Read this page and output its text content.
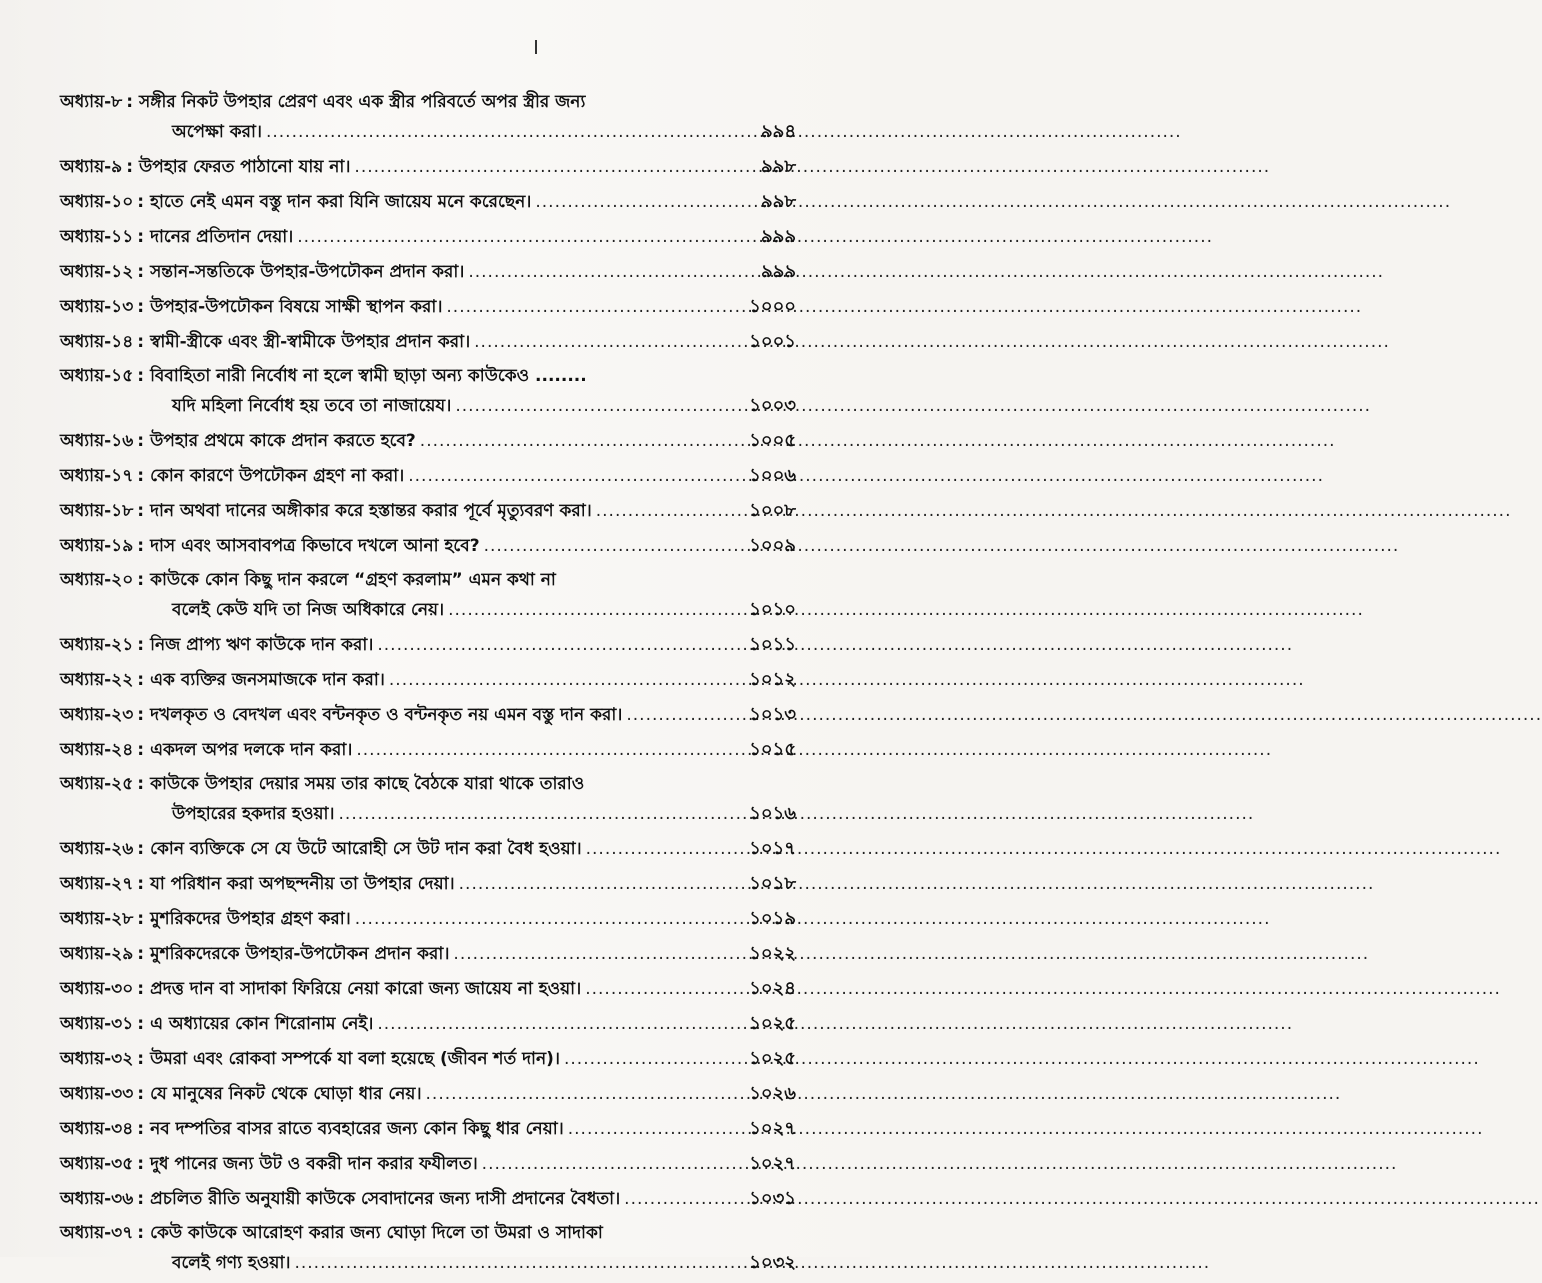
অধ্যায়-৮ : সঙ্গীর নিকট উপহার প্রেরণ এবং এক স্ত্রীর পরিবর্তে অপর স্ত্রীর জন্য
অপেক্ষা করা। .....	৯৯৪
অধ্যায়-৯ : উপহার ফেরত পাঠানো যায় না। .....	৯৯৮
অধ্যায়-১০ : হাতে নেই এমন বস্তু দান করা যিনি জায়েয মনে করেছেন। .....	৯৯৮
অধ্যায়-১১ : দানের প্রতিদান দেয়া। .....	৯৯৯
অধ্যায়-১২ : সন্তান-সন্ততিকে উপহার-উপঢৌকন প্রদান করা। .....	৯৯৯
অধ্যায়-১৩ : উপহার-উপঢৌকন বিষয়ে সাক্ষী স্থাপন করা। .....	১০০০
অধ্যায়-১৪ : স্বামী-স্ত্রীকে এবং স্ত্রী-স্বামীকে উপহার প্রদান করা। .....	১০০১
অধ্যায়-১৫ : বিবাহিতা নারী নির্বোধ না হলে স্বামী ছাড়া অন্য কাউকেও ........
যদি মহিলা নির্বোধ হয় তবে তা নাজায়েয। .....	১০০৩
অধ্যায়-১৬ : উপহার প্রথমে কাকে প্রদান করতে হবে? .....	১০০৫
অধ্যায়-১৭ : কোন কারণে উপঢৌকন গ্রহণ না করা। .....	১০০৬
অধ্যায়-১৮ : দান অথবা দানের অঙ্গীকার করে হস্তান্তর করার পূর্বে মৃত্যুবরণ করা। .....	১০০৮
অধ্যায়-১৯ : দাস এবং আসবাবপত্র কিভাবে দখলে আনা হবে? .....	১০০৯
অধ্যায়-২০ : কাউকে কোন কিছু দান করলে “গ্রহণ করলাম” এমন কথা না
বলেই কেউ যদি তা নিজ অধিকারে নেয়। .....	১০১০
অধ্যায়-২১ : নিজ প্রাপ্য ঋণ কাউকে দান করা। .....	১০১১
অধ্যায়-২২ : এক ব্যক্তির জনসমাজকে দান করা। .....	১০১২
অধ্যায়-২৩ : দখলকৃত ও বেদখল এবং বন্টনকৃত ও বন্টনকৃত নয় এমন বস্তু দান করা। .....	১০১৩
অধ্যায়-২৪ : একদল অপর দলকে দান করা। .....	১০১৫
অধ্যায়-২৫ : কাউকে উপহার দেয়ার সময় তার কাছে বৈঠকে যারা থাকে তারাও
উপহারের হকদার হওয়া। .....	১০১৬
অধ্যায়-২৬ : কোন ব্যক্তিকে সে যে উটে আরোহী সে উট দান করা বৈধ হওয়া। .....	১০১৭
অধ্যায়-২৭ : যা পরিধান করা অপছন্দনীয় তা উপহার দেয়া। .....	১০১৮
অধ্যায়-২৮ : মুশরিকদের উপহার গ্রহণ করা। .....	১০১৯
অধ্যায়-২৯ : মুশরিকদেরকে উপহার-উপঢৌকন প্রদান করা। .....	১০২২
অধ্যায়-৩০ : প্রদত্ত দান বা সাদাকা ফিরিয়ে নেয়া কারো জন্য জায়েয না হওয়া। .....	১০২৪
অধ্যায়-৩১ : এ অধ্যায়ের কোন শিরোনাম নেই। .....	১০২৫
অধ্যায়-৩২ : উমরা এবং রোকবা সম্পর্কে যা বলা হয়েছে (জীবন শর্ত দান)। .....	১০২৫
অধ্যায়-৩৩ : যে মানুষের নিকট থেকে ঘোড়া ধার নেয়। .....	১০২৬
অধ্যায়-৩৪ : নব দম্পতির বাসর রাতে ব্যবহারের জন্য কোন কিছু ধার নেয়া। .....	১০২৭
অধ্যায়-৩৫ : দুধ পানের জন্য উট ও বকরী দান করার ফযীলত। .....	১০২৭
অধ্যায়-৩৬ : প্রচলিত রীতি অনুযায়ী কাউকে সেবাদানের জন্য দাসী প্রদানের বৈধতা। .....	১০৩১
অধ্যায়-৩৭ : কেউ কাউকে আরোহণ করার জন্য ঘোড়া দিলে তা উমরা ও সাদাকা
বলেই গণ্য হওয়া। .....	১০৩২
